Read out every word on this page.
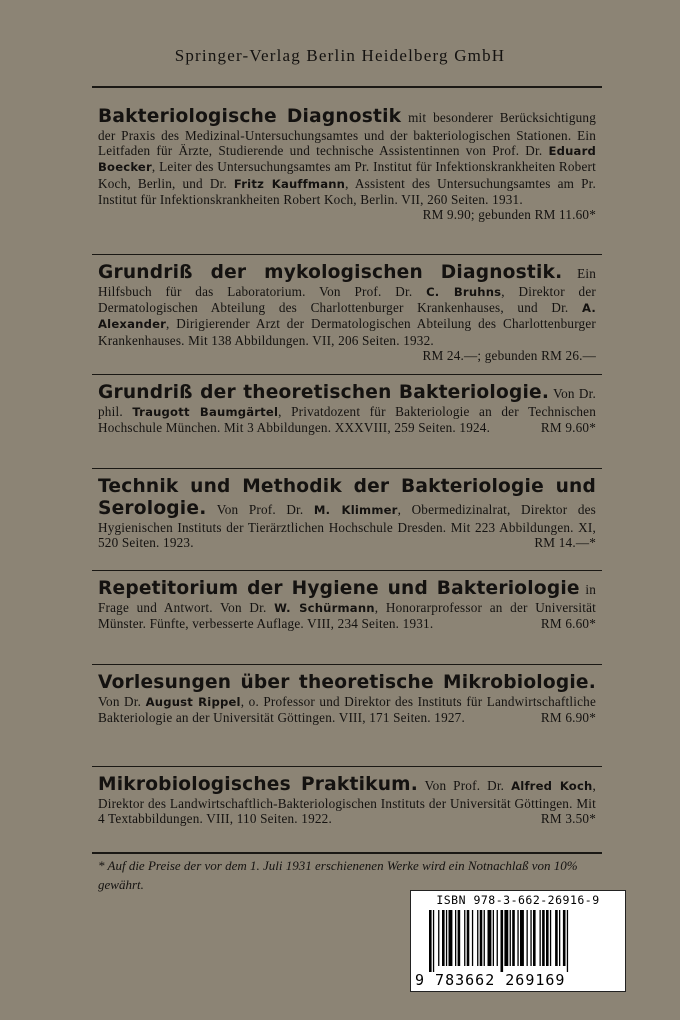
Springer-Verlag Berlin Heidelberg GmbH
Bakteriologische Diagnostik mit besonderer Berücksichtigung der Praxis des Medizinal-Untersuchungsamtes und der bakteriologischen Stationen. Ein Leitfaden für Ärzte, Studierende und technische Assistentinnen von Prof. Dr. Eduard Boecker, Leiter des Untersuchungsamtes am Pr. Institut für Infektionskrankheiten Robert Koch, Berlin, und Dr. Fritz Kauffmann, Assistent des Untersuchungsamtes am Pr. Institut für Infektionskrankheiten Robert Koch, Berlin. VII, 260 Seiten. 1931.
RM 9.90; gebunden RM 11.60*
Grundriß der mykologischen Diagnostik. Ein Hilfsbuch für das Laboratorium. Von Prof. Dr. C. Bruhns, Direktor der Dermatologischen Abteilung des Charlottenburger Krankenhauses, und Dr. A. Alexander, Dirigierender Arzt der Dermatologischen Abteilung des Charlottenburger Krankenhauses. Mit 138 Abbildungen. VII, 206 Seiten. 1932.
RM 24.—; gebunden RM 26.—
Grundriß der theoretischen Bakteriologie. Von Dr. phil. Traugott Baumgärtel, Privatdozent für Bakteriologie an der Technischen Hochschule München. Mit 3 Abbildungen. XXXVIII, 259 Seiten. 1924.	RM 9.60*
Technik und Methodik der Bakteriologie und Serologie. Von Prof. Dr. M. Klimmer, Obermedizinalrat, Direktor des Hygienischen Instituts der Tierärztlichen Hochschule Dresden. Mit 223 Abbildungen. XI, 520 Seiten. 1923.	RM 14.—*
Repetitorium der Hygiene und Bakteriologie in Frage und Antwort. Von Dr. W. Schürmann, Honorarprofessor an der Universität Münster. Fünfte, verbesserte Auflage. VIII, 234 Seiten. 1931.	RM 6.60*
Vorlesungen über theoretische Mikrobiologie. Von Dr. August Rippel, o. Professor und Direktor des Instituts für Landwirtschaftliche Bakteriologie an der Universität Göttingen. VIII, 171 Seiten. 1927.	RM 6.90*
Mikrobiologisches Praktikum. Von Prof. Dr. Alfred Koch, Direktor des Landwirtschaftlich-Bakteriologischen Instituts der Universität Göttingen. Mit 4 Textabbildungen. VIII, 110 Seiten. 1922.	RM 3.50*
* Auf die Preise der vor dem 1. Juli 1931 erschienenen Werke wird ein Notnachlaß von 10% gewährt.
ISBN 978-3-662-26916-9
9 783662 269169
